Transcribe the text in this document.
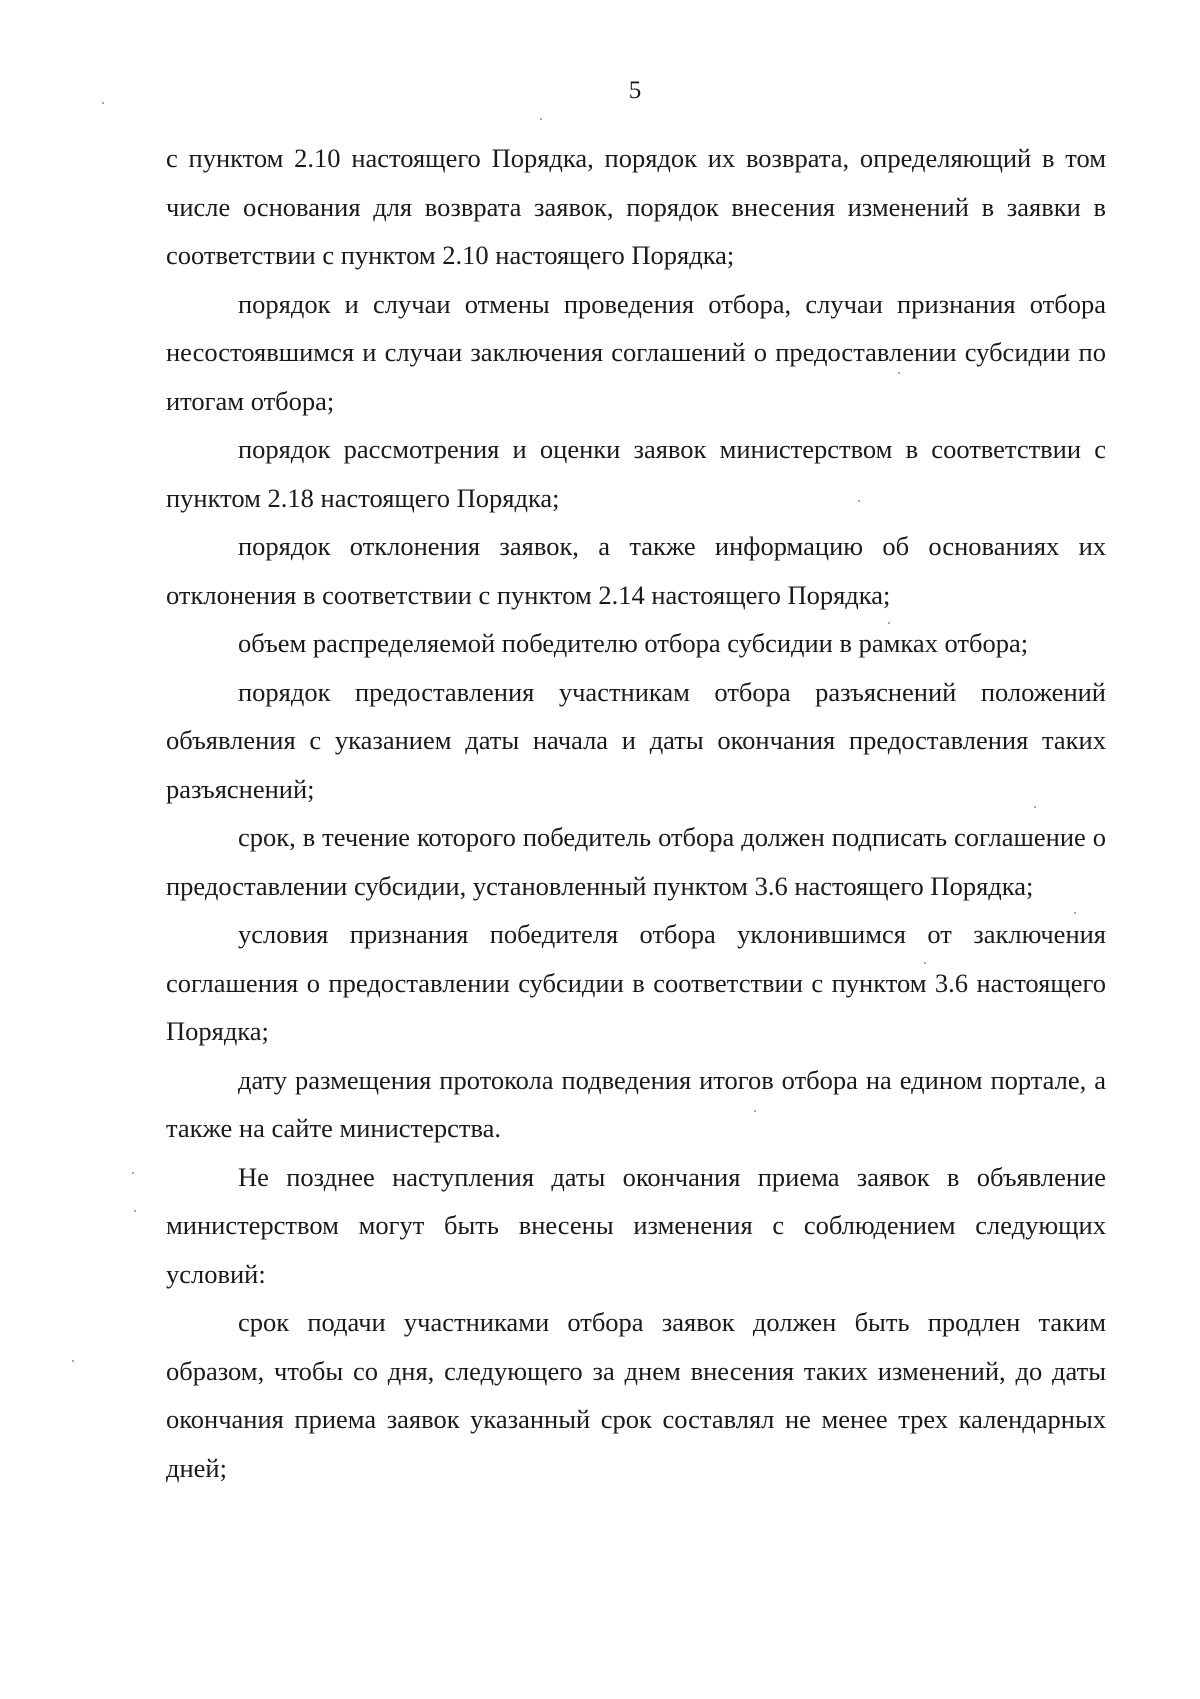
5

с пунктом 2.10 настоящего Порядка, порядок их возврата, определяющий в том числе основания для возврата заявок, порядок внесения изменений в заявки в соответствии с пунктом 2.10 настоящего Порядка;

порядок и случаи отмены проведения отбора, случаи признания отбора несостоявшимся и случаи заключения соглашений о предоставлении субсидии по итогам отбора;

порядок рассмотрения и оценки заявок министерством в соответствии с пунктом 2.18 настоящего Порядка;

порядок отклонения заявок, а также информацию об основаниях их отклонения в соответствии с пунктом 2.14 настоящего Порядка;

объем распределяемой победителю отбора субсидии в рамках отбора;

порядок предоставления участникам отбора разъяснений положений объявления с указанием даты начала и даты окончания предоставления таких разъяснений;

срок, в течение которого победитель отбора должен подписать соглашение о предоставлении субсидии, установленный пунктом 3.6 настоящего Порядка;

условия признания победителя отбора уклонившимся от заключения соглашения о предоставлении субсидии в соответствии с пунктом 3.6 настоящего Порядка;

дату размещения протокола подведения итогов отбора на едином портале, а также на сайте министерства.

Не позднее наступления даты окончания приема заявок в объявление министерством могут быть внесены изменения с соблюдением следующих условий:

срок подачи участниками отбора заявок должен быть продлен таким образом, чтобы со дня, следующего за днем внесения таких изменений, до даты окончания приема заявок указанный срок составлял не менее трех календарных дней;
